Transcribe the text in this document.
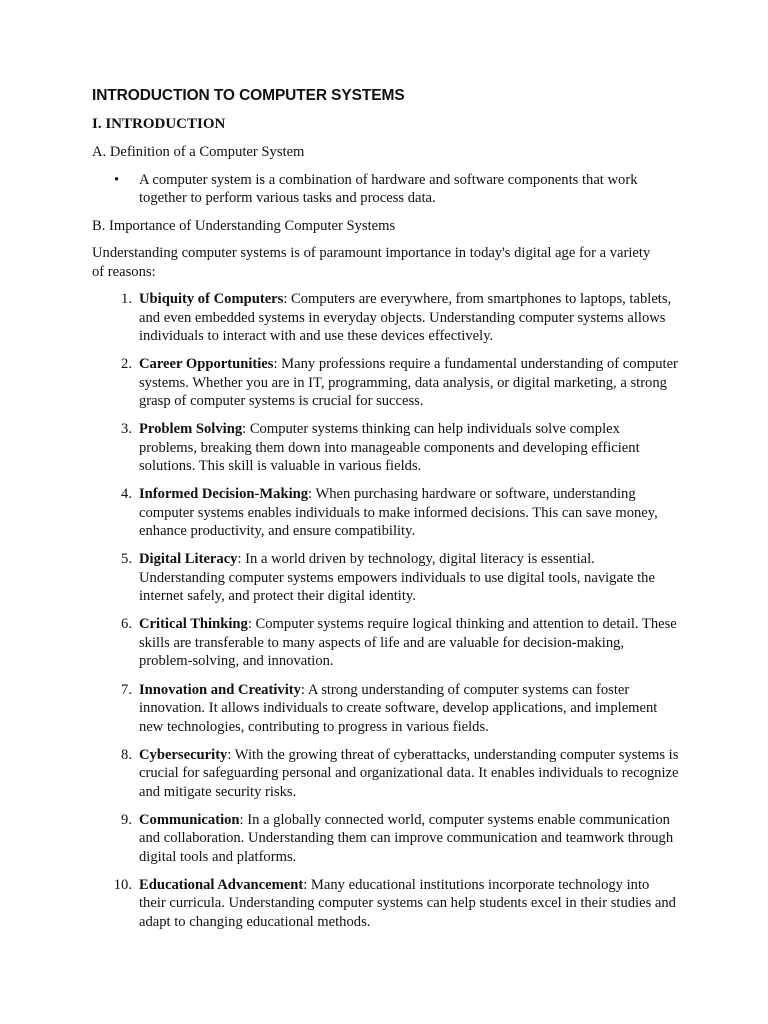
INTRODUCTION TO COMPUTER SYSTEMS
I. INTRODUCTION
A. Definition of a Computer System
• A computer system is a combination of hardware and software components that work together to perform various tasks and process data.
B. Importance of Understanding Computer Systems
Understanding computer systems is of paramount importance in today's digital age for a variety of reasons:
1. Ubiquity of Computers: Computers are everywhere, from smartphones to laptops, tablets, and even embedded systems in everyday objects. Understanding computer systems allows individuals to interact with and use these devices effectively.
2. Career Opportunities: Many professions require a fundamental understanding of computer systems. Whether you are in IT, programming, data analysis, or digital marketing, a strong grasp of computer systems is crucial for success.
3. Problem Solving: Computer systems thinking can help individuals solve complex problems, breaking them down into manageable components and developing efficient solutions. This skill is valuable in various fields.
4. Informed Decision-Making: When purchasing hardware or software, understanding computer systems enables individuals to make informed decisions. This can save money, enhance productivity, and ensure compatibility.
5. Digital Literacy: In a world driven by technology, digital literacy is essential. Understanding computer systems empowers individuals to use digital tools, navigate the internet safely, and protect their digital identity.
6. Critical Thinking: Computer systems require logical thinking and attention to detail. These skills are transferable to many aspects of life and are valuable for decision-making, problem-solving, and innovation.
7. Innovation and Creativity: A strong understanding of computer systems can foster innovation. It allows individuals to create software, develop applications, and implement new technologies, contributing to progress in various fields.
8. Cybersecurity: With the growing threat of cyberattacks, understanding computer systems is crucial for safeguarding personal and organizational data. It enables individuals to recognize and mitigate security risks.
9. Communication: In a globally connected world, computer systems enable communication and collaboration. Understanding them can improve communication and teamwork through digital tools and platforms.
10. Educational Advancement: Many educational institutions incorporate technology into their curricula. Understanding computer systems can help students excel in their studies and adapt to changing educational methods.
